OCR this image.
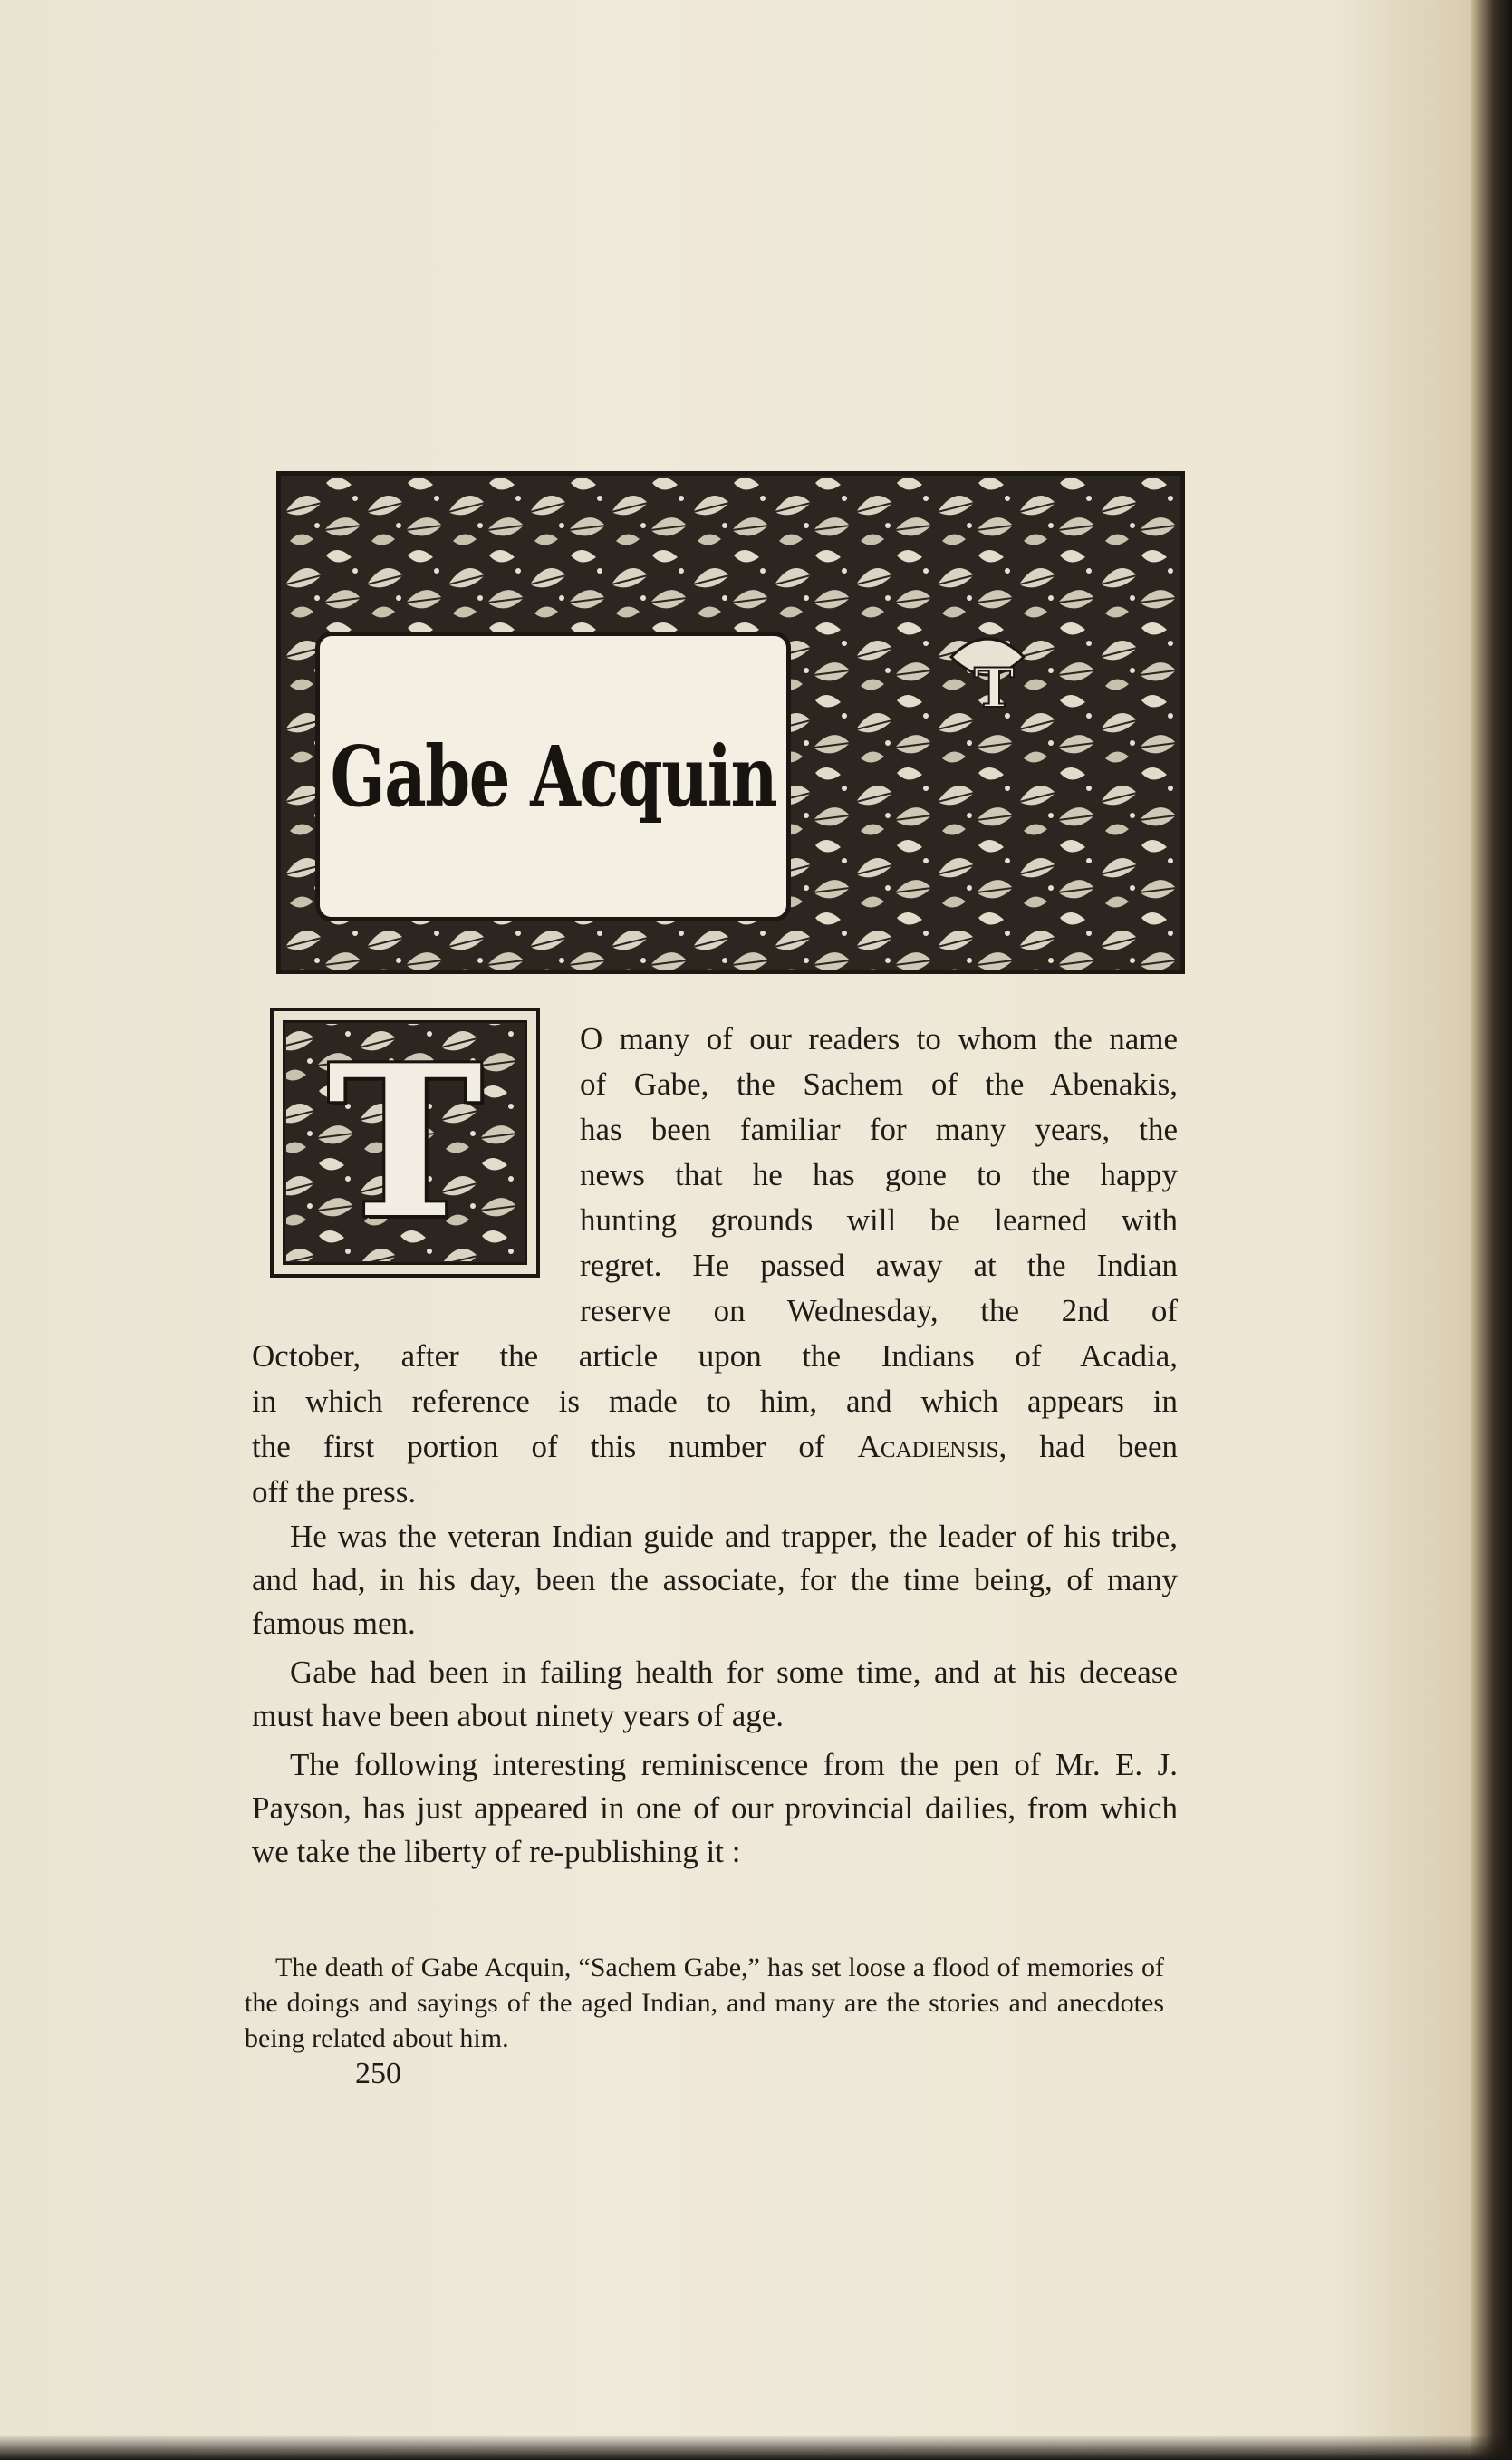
T
Gabe Acquin
T	O many of our readers to whom the name
of Gabe, the Sachem of the Abenakis,
has been familiar for many years, the
news that he has gone to the happy
hunting grounds will be learned with
regret. He passed away at the Indian
reserve on Wednesday, the 2nd of
October, after the article upon the Indians of Acadia,
in which reference is made to him, and which appears in
the first portion of this number of Acadiensis, had been
off the press.
He was the veteran Indian guide and trapper, the leader of his tribe, and had, in his day, been the associate, for the time being, of many famous men.
Gabe had been in failing health for some time, and at his decease must have been about ninety years of age.
The following interesting reminiscence from the pen of Mr. E. J. Payson, has just appeared in one of our provincial dailies, from which we take the liberty of re-publishing it :
The death of Gabe Acquin, “Sachem Gabe,” has set loose a flood of memories of the doings and sayings of the aged Indian, and many are the stories and anecdotes being related about him.
250
